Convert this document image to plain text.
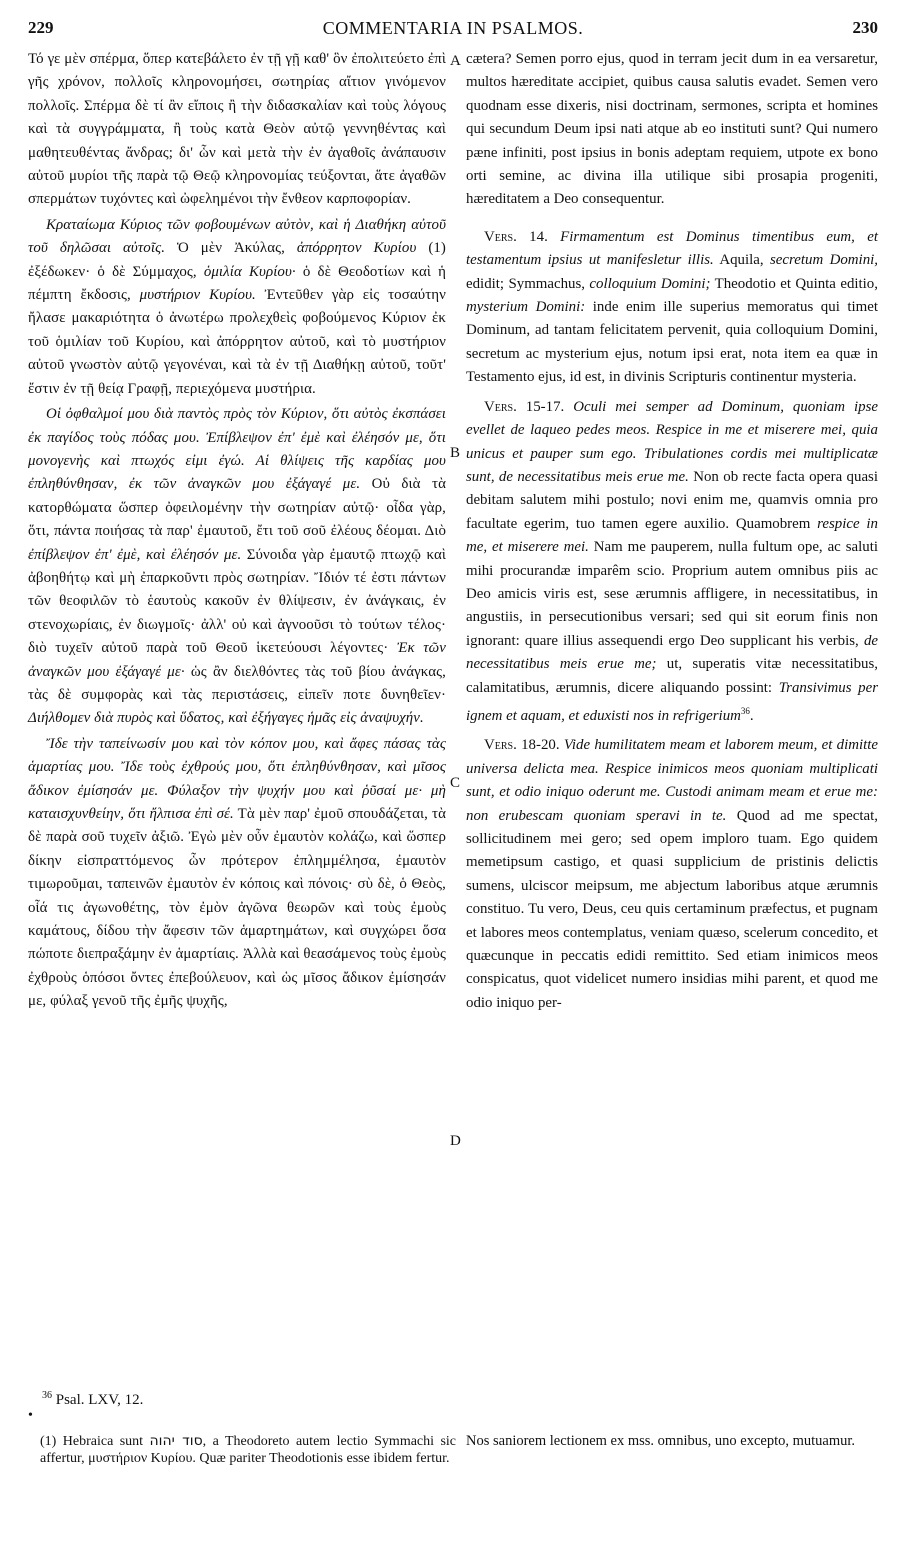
229	COMMENTARIA IN PSALMOS.	230
A
B
C
D

Τό γε μὲν σπέρμα, ὅπερ κατεβάλετο ἐν τῇ γῇ καθ' ὃν ἐπολιτεύετο ἐπὶ γῆς χρόνον, πολλοῖς κληρονομήσει, σωτηρίας αἴτιον γινόμενον πολλοῖς. Σπέρμα δὲ τί ἂν εἴποις ἢ τὴν διδασκαλίαν καὶ τοὺς λόγους καὶ τὰ συγγράμματα, ἢ τοὺς κατὰ Θεὸν αὐτῷ γεννηθέντας καὶ μαθητευθέντας ἄνδρας; δι' ὧν καὶ μετὰ τὴν ἐν ἀγαθοῖς ἀνάπαυσιν αὐτοῦ μυρίοι τῆς παρὰ τῷ Θεῷ κληρονομίας τεύξονται, ἅτε ἀγαθῶν σπερμάτων τυχόντες καὶ ὠφελημένοι τὴν ἔνθεον καρποφορίαν.

Κραταίωμα Κύριος τῶν φοβουμένων αὐτὸν, καὶ ἡ Διαθήκη αὐτοῦ τοῦ δηλῶσαι αὐτοῖς. Ὁ μὲν Ἀκύλας, ἀπόρρητον Κυρίου (1) ἐξέδωκεν· ὁ δὲ Σύμμαχος, ὁμιλία Κυρίου· ὁ δὲ Θεοδοτίων καὶ ἡ πέμπτη ἔκδοσις, μυστήριον Κυρίου. Ἐντεῦθεν γὰρ εἰς τοσαύτην ἤλασε μακαριότητα ὁ ἀνωτέρω προλεχθεὶς φοβούμενος Κύριον ἐκ τοῦ ὁμιλίαν τοῦ Κυρίου, καὶ ἀπόρρητον αὐτοῦ, καὶ τὸ μυστήριον αὐτοῦ γνωστὸν αὐτῷ γεγονέναι, καὶ τὰ ἐν τῇ Διαθήκῃ αὐτοῦ, τοῦτ' ἔστιν ἐν τῇ θείᾳ Γραφῇ, περιεχόμενα μυστήρια.

Οἱ ὀφθαλμοί μου διὰ παντὸς πρὸς τὸν Κύριον, ὅτι αὐτὸς ἐκσπάσει ἐκ παγίδος τοὺς πόδας μου. Ἐπίβλεψον ἐπ' ἐμὲ καὶ ἐλέησόν με, ὅτι μονογενὴς καὶ πτωχός εἰμι ἐγώ. Αἱ θλίψεις τῆς καρδίας μου ἐπληθύνθησαν, ἐκ τῶν ἀναγκῶν μου ἐξάγαγέ με. Οὐ διὰ τὰ κατορθώματα ὥσπερ ὀφειλομένην τὴν σωτηρίαν αὐτῷ· οἶδα γὰρ, ὅτι, πάντα ποιήσας τὰ παρ' ἐμαυτοῦ, ἔτι τοῦ σοῦ ἐλέους δέομαι. Διὸ ἐπίβλεψον ἐπ' ἐμὲ, καὶ ἐλέησόν με. Σύνοιδα γὰρ ἐμαυτῷ πτωχῷ καὶ ἀβοηθήτῳ καὶ μὴ ἐπαρκοῦντι πρὸς σωτηρίαν. Ἴδιόν τέ ἐστι πάντων τῶν θεοφιλῶν τὸ ἑαυτοὺς κακοῦν ἐν θλίψεσιν, ἐν ἀνάγκαις, ἐν στενοχωρίαις, ἐν διωγμοῖς· ἀλλ' οὐ καὶ ἀγνοοῦσι τὸ τούτων τέλος· διὸ τυχεῖν αὐτοῦ παρὰ τοῦ Θεοῦ ἱκετεύουσι λέγοντες· Ἐκ τῶν ἀναγκῶν μου ἐξάγαγέ με· ὡς ἂν διελθόντες τὰς τοῦ βίου ἀνάγκας, τὰς δὲ συμφορὰς καὶ τὰς περιστάσεις, εἰπεῖν ποτε δυνηθεῖεν· Διήλθομεν διὰ πυρὸς καὶ ὕδατος, καὶ ἐξήγαγες ἡμᾶς εἰς ἀναψυχήν.

Ἴδε τὴν ταπείνωσίν μου καὶ τὸν κόπον μου, καὶ ἄφες πάσας τὰς ἁμαρτίας μου. Ἴδε τοὺς ἐχθρούς μου, ὅτι ἐπληθύνθησαν, καὶ μῖσος ἄδικον ἐμίσησάν με. Φύλαξον τὴν ψυχήν μου καὶ ῥῦσαί με· μὴ καταισχυνθείην, ὅτι ἤλπισα ἐπὶ σέ. Τὰ μὲν παρ' ἐμοῦ σπουδάζεται, τὰ δὲ παρὰ σοῦ τυχεῖν ἀξιῶ. Ἐγὼ μὲν οὖν ἐμαυτὸν κολάζω, καὶ ὥσπερ δίκην εἰσπραττόμενος ὧν πρότερον ἐπλημμέλησα, ἐμαυτὸν τιμωροῦμαι, ταπεινῶν ἐμαυτὸν ἐν κόποις καὶ πόνοις· σὺ δὲ, ὁ Θεὸς, οἷά τις ἀγωνοθέτης, τὸν ἐμὸν ἀγῶνα θεωρῶν καὶ τοὺς ἐμοὺς καμάτους, δίδου τὴν ἄφεσιν τῶν ἁμαρτημάτων, καὶ συγχώρει ὅσα πώποτε διεπραξάμην ἐν ἁμαρτίαις. Ἀλλὰ καὶ θεασάμενος τοὺς ἐμοὺς ἐχθροὺς ὁπόσοι ὄντες ἐπεβούλευον, καὶ ὡς μῖσος ἄδικον ἐμίσησάν με, φύλαξ γενοῦ τῆς ἐμῆς ψυχῆς,

cætera? Semen porro ejus, quod in terram jecit dum in ea versaretur, multos hæreditate accipiet, quibus causa salutis evadet. Semen vero quodnam esse dixeris, nisi doctrinam, sermones, scripta et homines qui secundum Deum ipsi nati atque ab eo instituti sunt? Qui numero pæne infiniti, post ipsius in bonis adeptam requiem, utpote ex bono orti semine, ac divina illa utilique sibi prosapia progeniti, hæreditatem a Deo consequentur.

Vers. 14. Firmamentum est Dominus timentibus eum, et testamentum ipsius ut manifesletur illis. Aquila, secretum Domini, edidit; Symmachus, colloquium Domini; Theodotio et Quinta editio, mysterium Domini: inde enim ille superius memoratus qui timet Dominum, ad tantam felicitatem pervenit, quia colloquium Domini, secretum ac mysterium ejus, notum ipsi erat, nota item ea quæ in Testamento ejus, id est, in divinis Scripturis continentur mysteria.

Vers. 15-17. Oculi mei semper ad Dominum, quoniam ipse evellet de laqueo pedes meos. Respice in me et miserere mei, quia unicus et pauper sum ego. Tribulationes cordis mei multiplicatæ sunt, de necessitatibus meis erue me. Non ob recte facta opera quasi debitam salutem mihi postulo; novi enim me, quamvis omnia pro facultate egerim, tuo tamen egere auxilio. Quamobrem respice in me, et miserere mei. Nam me pauperem, nulla fultum ope, ac saluti mihi procurandæ imparêm scio. Proprium autem omnibus piis ac Deo amicis viris est, sese ærumnis affligere, in necessitatibus, in angustiis, in persecutionibus versari; sed qui sit eorum finis non ignorant: quare illius assequendi ergo Deo supplicant his verbis, de necessitatibus meis erue me; ut, superatis vitæ necessitatibus, calamitatibus, ærumnis, dicere aliquando possint: Transivimus per ignem et aquam, et eduxisti nos in refrigerium$^{36}$.

Vers. 18-20. Vide humilitatem meam et laborem meum, et dimitte universa delicta mea. Respice inimicos meos quoniam multiplicati sunt, et odio iniquo oderunt me. Custodi animam meam et erue me: non erubescam quoniam speravi in te. Quod ad me spectat, sollicitudinem mei gero; sed opem imploro tuam. Ego quidem memetipsum castigo, et quasi supplicium de pristinis delictis sumens, ulciscor meipsum, me abjectum laboribus atque ærumnis constituo. Tu vero, Deus, ceu quis certaminum præfectus, et pugnam et labores meos contemplatus, veniam quæso, scelerum concedito, et quæcunque in peccatis edidi remittito. Sed etiam inimicos meos conspicatus, quot videlicet numero insidias mihi parent, et quod me odio iniquo per-

$^{36}$ Psal. LXV, 12.
•
(1) Hebraica sunt סוד יהוה, a Theodoreto autem lectio Symmachi sic affertur, μυστήριον Κυρίου. Quæ pariter Theodotionis esse ibidem fertur.
Nos saniorem lectionem ex mss. omnibus, uno excepto, mutuamur.
